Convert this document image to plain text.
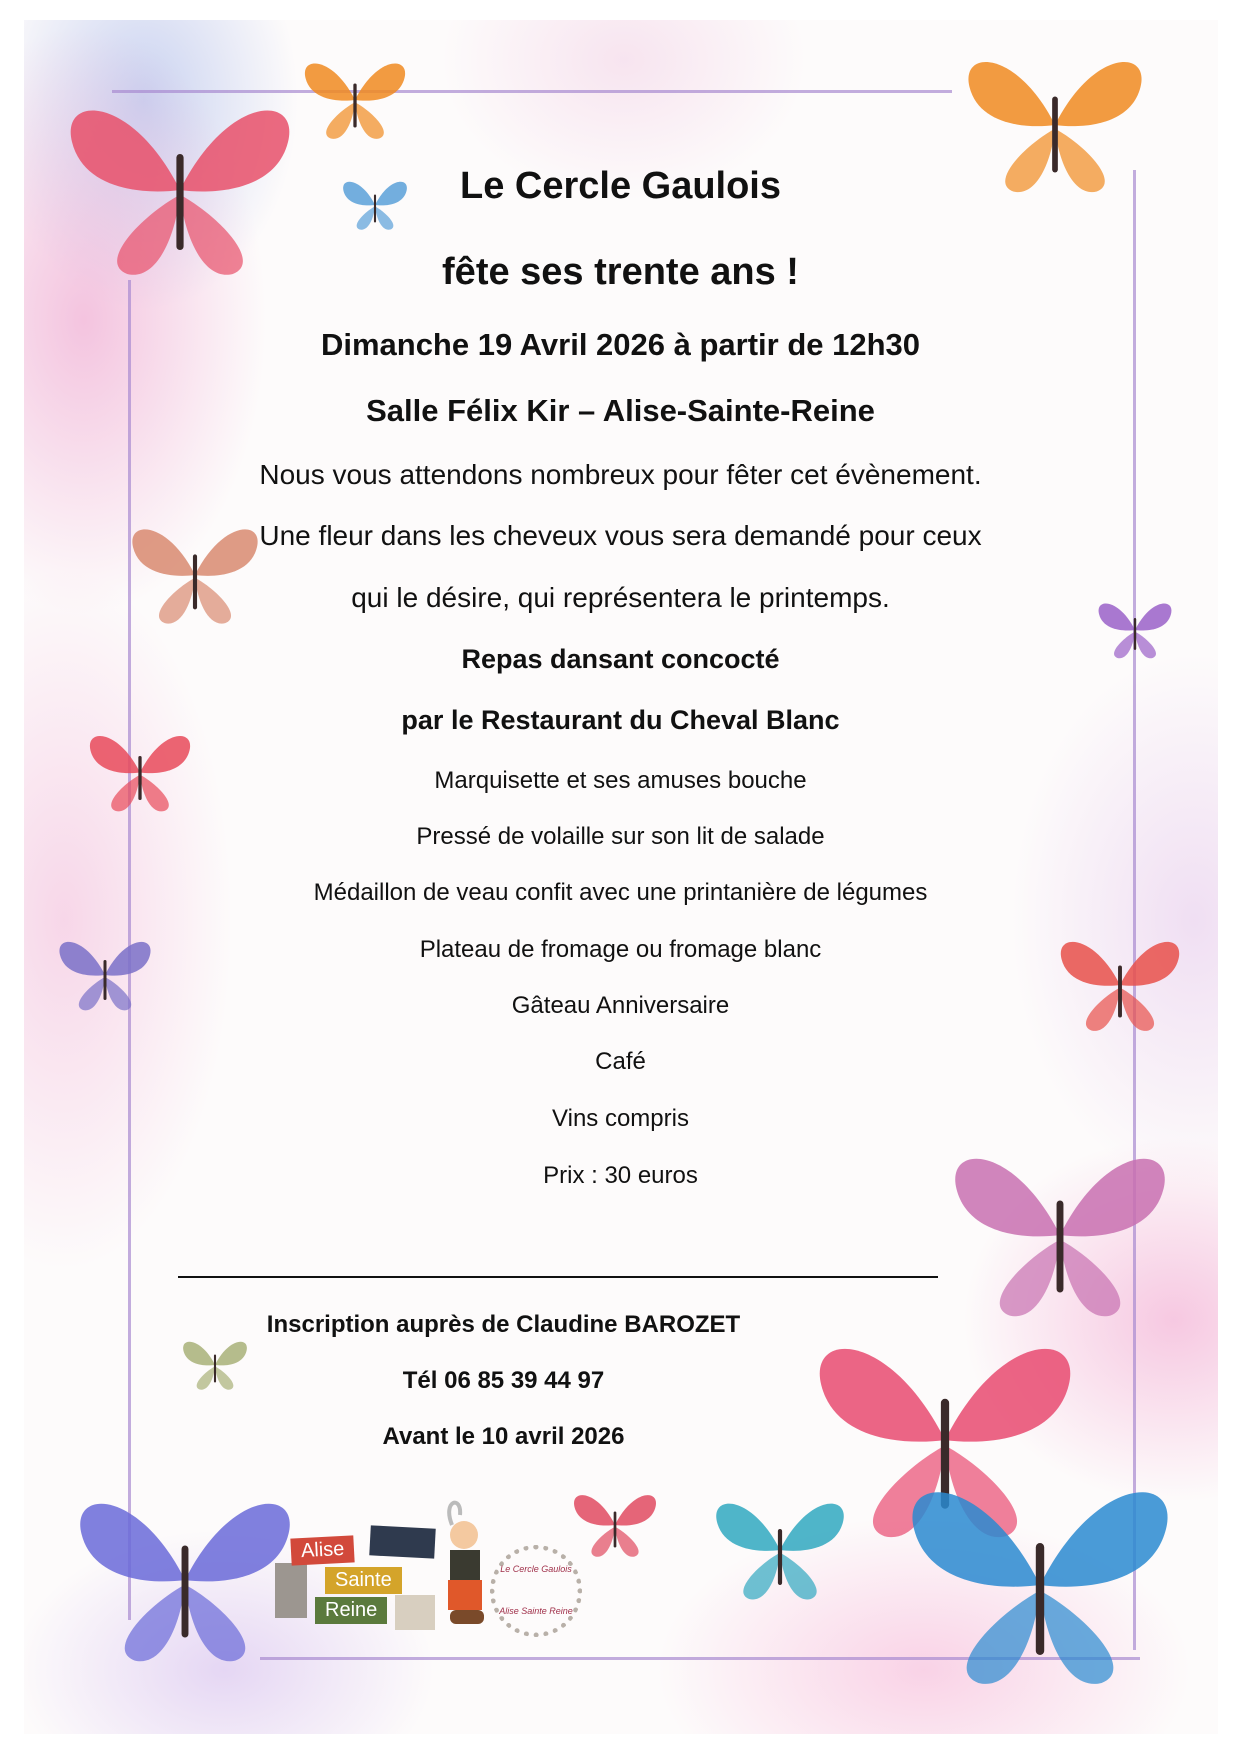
Le Cercle Gaulois
fête ses trente ans !
Dimanche 19 Avril 2026 à partir de 12h30
Salle Félix Kir – Alise-Sainte-Reine
Nous vous attendons nombreux pour fêter cet évènement.
Une fleur dans les cheveux vous sera demandé pour ceux
qui le désire, qui représentera le printemps.
Repas dansant concocté
par le Restaurant du Cheval Blanc
Marquisette et ses amuses bouche
Pressé de volaille sur son lit de salade
Médaillon de veau confit avec une printanière de légumes
Plateau de fromage ou fromage blanc
Gâteau Anniversaire
Café
Vins compris
Prix : 30 euros
Inscription auprès de Claudine BAROZET
Tél 06 85 39 44 97
Avant le 10 avril 2026
Alise
Sainte
Reine
Le Cercle Gaulois
Alise Sainte Reine
